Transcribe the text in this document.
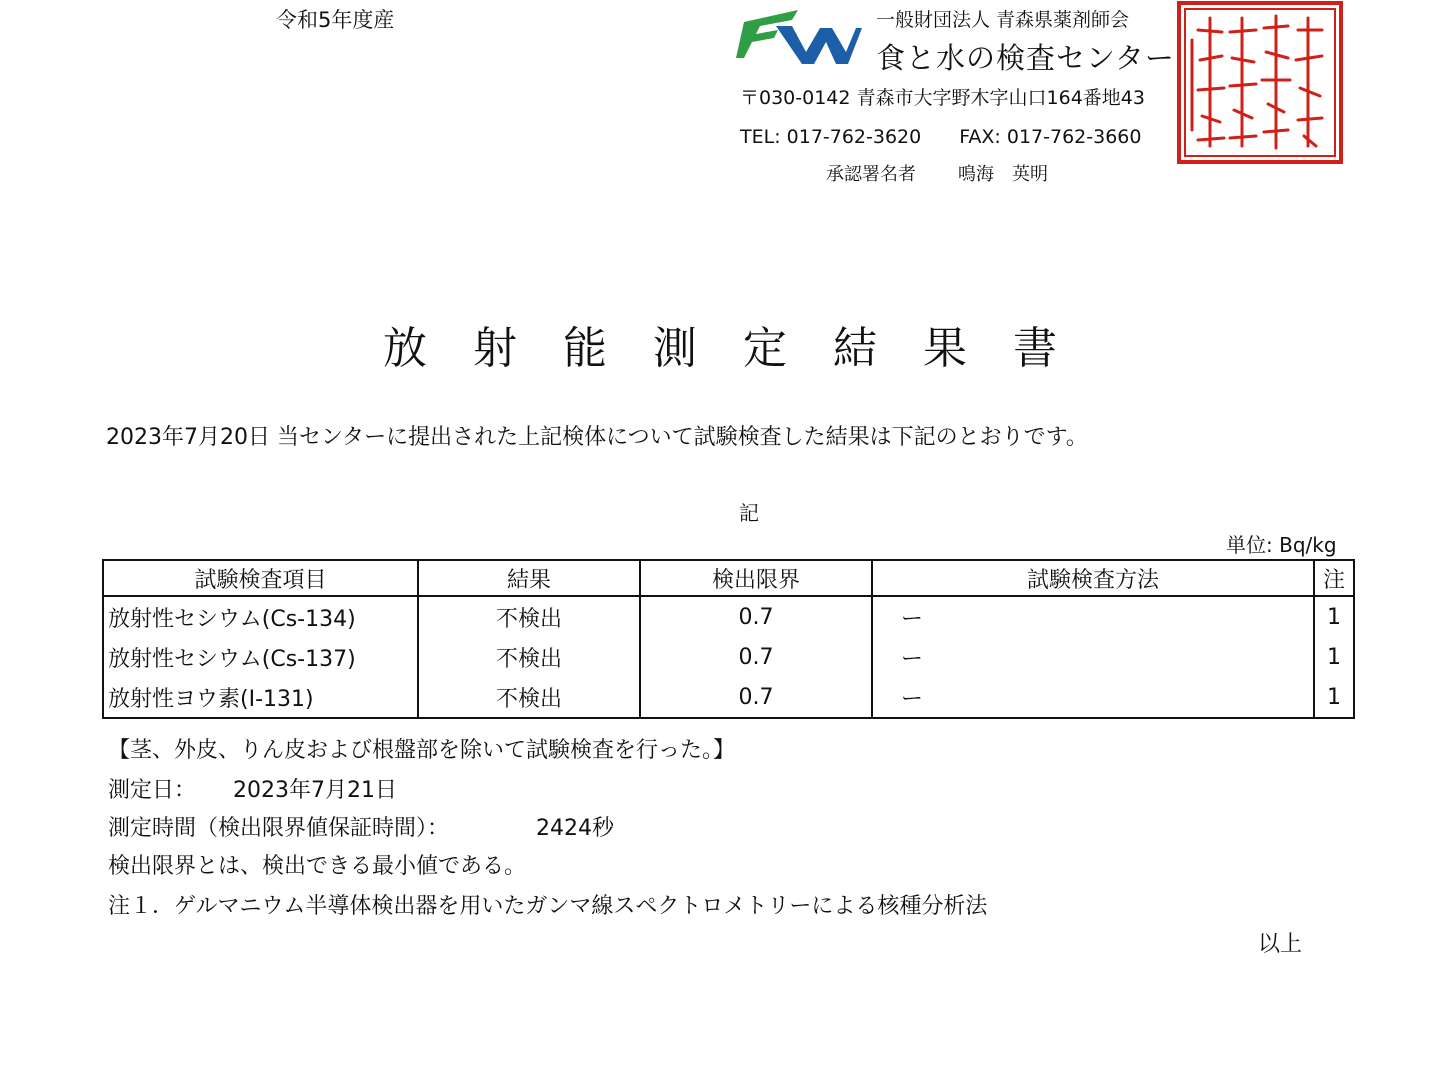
令和5年度産	一般財団法人 青森県薬剤師会
食と水の検査センター
〒030-0142 青森市大字野木字山口164番地43
TEL: 017-762-3620　　FAX: 017-762-3660
承認署名者 鳴海　英明
放射能測定結果書
2023年7月20日 当センターに提出された上記検体について試験検査した結果は下記のとおりです。
記
単位: Bq/kg
試験検査項目	結果	検出限界	試験検査方法	注
放射性セシウム(Cs-134)	不検出	0.7	ー	1
放射性セシウム(Cs-137)	不検出	0.7	ー	1
放射性ヨウ素(I-131)	不検出	0.7	ー	1
【茎、外皮、りん皮および根盤部を除いて試験検査を行った。】
測定日： 2023年7月21日
測定時間（検出限界値保証時間）：	2424秒
検出限界とは、検出できる最小値である。
注１．ゲルマニウム半導体検出器を用いたガンマ線スペクトロメトリーによる核種分析法
以上
